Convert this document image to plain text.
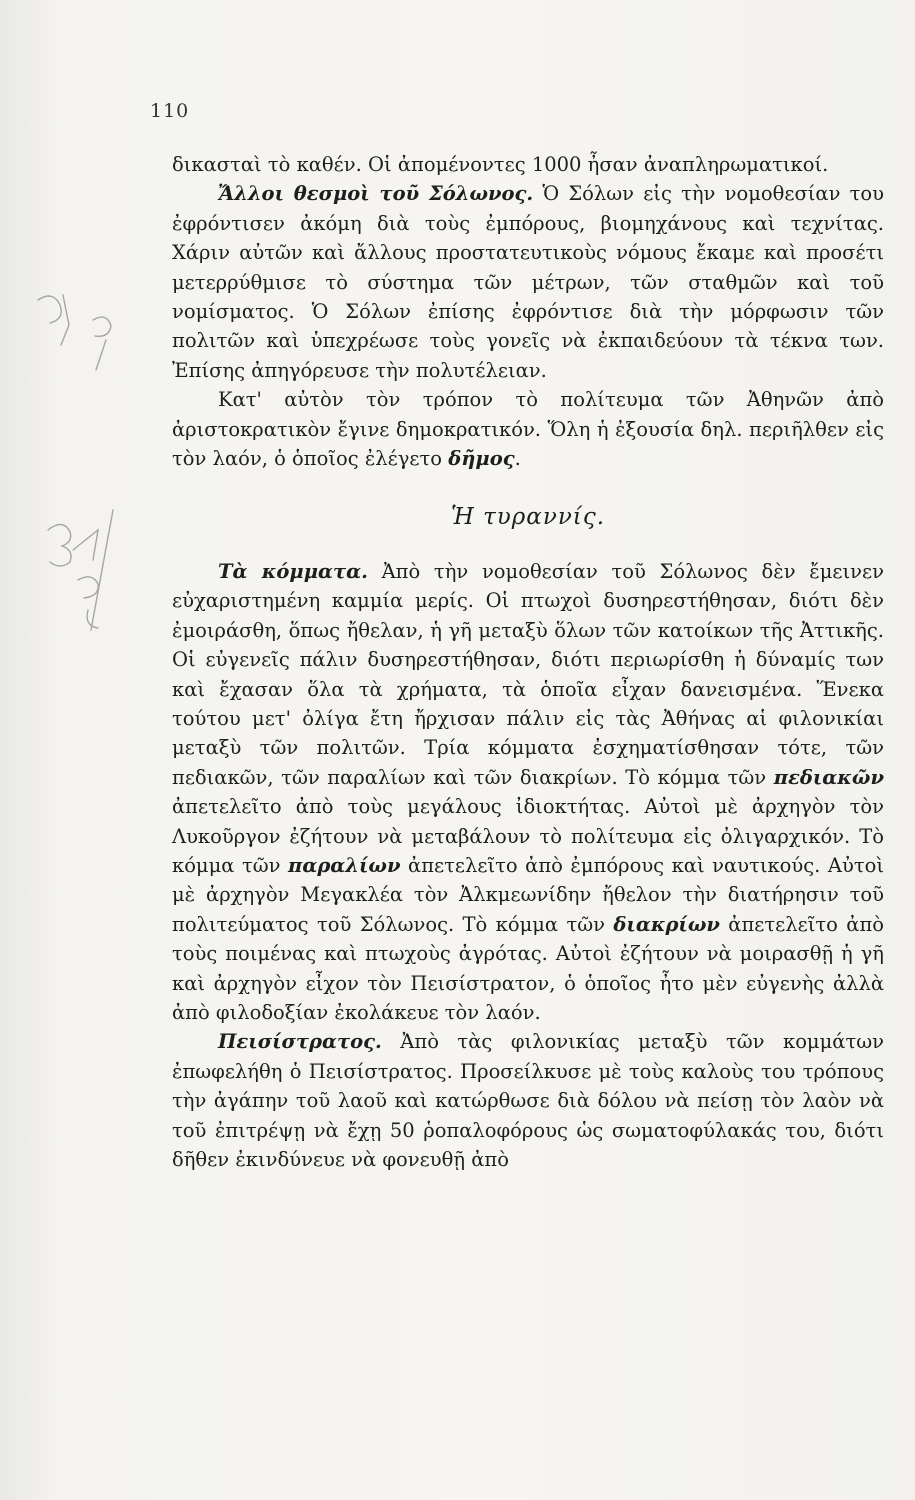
110

δικασταὶ τὸ καθέν. Οἱ ἀπομένοντες 1000 ἦσαν ἀναπληρωματικοί.

Ἄλλοι θεσμοὶ τοῦ Σόλωνος. Ὁ Σόλων εἰς τὴν νομοθεσίαν του ἐφρόντισεν ἀκόμη διὰ τοὺς ἐμπόρους, βιομηχάνους καὶ τεχνίτας. Χάριν αὐτῶν καὶ ἄλλους προστατευτικοὺς νόμους ἔκαμε καὶ προσέτι μετερρύθμισε τὸ σύστημα τῶν μέτρων, τῶν σταθμῶν καὶ τοῦ νομίσματος. Ὁ Σόλων ἐπίσης ἐφρόντισε διὰ τὴν μόρφωσιν τῶν πολιτῶν καὶ ὑπεχρέωσε τοὺς γονεῖς νὰ ἐκπαιδεύουν τὰ τέκνα των. Ἐπίσης ἀπηγόρευσε τὴν πολυτέλειαν.

Κατ' αὐτὸν τὸν τρόπον τὸ πολίτευμα τῶν Ἀθηνῶν ἀπὸ ἀριστοκρατικὸν ἔγινε δημοκρατικόν. Ὅλη ἡ ἐξουσία δηλ. περιῆλθεν εἰς τὸν λαόν, ὁ ὁποῖος ἐλέγετο δῆμος.

Ἡ τυραννίς.

Τὰ κόμματα. Ἀπὸ τὴν νομοθεσίαν τοῦ Σόλωνος δὲν ἔμεινεν εὐχαριστημένη καμμία μερίς. Οἱ πτωχοὶ δυσηρεστήθησαν, διότι δὲν ἐμοιράσθη, ὅπως ἤθελαν, ἡ γῆ μεταξὺ ὅλων τῶν κατοίκων τῆς Ἀττικῆς. Οἱ εὐγενεῖς πάλιν δυσηρεστήθησαν, διότι περιωρίσθη ἡ δύναμίς των καὶ ἔχασαν ὅλα τὰ χρήματα, τὰ ὁποῖα εἶχαν δανεισμένα. Ἕνεκα τούτου μετ' ὀλίγα ἔτη ἤρχισαν πάλιν εἰς τὰς Ἀθήνας αἱ φιλονικίαι μεταξὺ τῶν πολιτῶν. Τρία κόμματα ἐσχηματίσθησαν τότε, τῶν πεδιακῶν, τῶν παραλίων καὶ τῶν διακρίων. Τὸ κόμμα τῶν πεδιακῶν ἀπετελεῖτο ἀπὸ τοὺς μεγάλους ἰδιοκτήτας. Αὐτοὶ μὲ ἀρχηγὸν τὸν Λυκοῦργον ἐζήτουν νὰ μεταβάλουν τὸ πολίτευμα εἰς ὀλιγαρχικόν. Τὸ κόμμα τῶν παραλίων ἀπετελεῖτο ἀπὸ ἐμπόρους καὶ ναυτικούς. Αὐτοὶ μὲ ἀρχηγὸν Μεγακλέα τὸν Ἀλκμεωνίδην ἤθελον τὴν διατήρησιν τοῦ πολιτεύματος τοῦ Σόλωνος. Τὸ κόμμα τῶν διακρίων ἀπετελεῖτο ἀπὸ τοὺς ποιμένας καὶ πτωχοὺς ἀγρότας. Αὐτοὶ ἐζήτουν νὰ μοιρασθῇ ἡ γῆ καὶ ἀρχηγὸν εἶχον τὸν Πεισίστρατον, ὁ ὁποῖος ἦτο μὲν εὐγενὴς ἀλλὰ ἀπὸ φιλοδοξίαν ἐκολάκευε τὸν λαόν.

Πεισίστρατος. Ἀπὸ τὰς φιλονικίας μεταξὺ τῶν κομμάτων ἐπωφελήθη ὁ Πεισίστρατος. Προσείλκυσε μὲ τοὺς καλοὺς του τρόπους τὴν ἀγάπην τοῦ λαοῦ καὶ κατώρθωσε διὰ δόλου νὰ πείσῃ τὸν λαὸν νὰ τοῦ ἐπιτρέψῃ νὰ ἔχῃ 50 ῥοπαλοφόρους ὡς σωματοφύλακάς του, διότι δῆθεν ἐκινδύνευε νὰ φονευθῇ ἀπὸ
